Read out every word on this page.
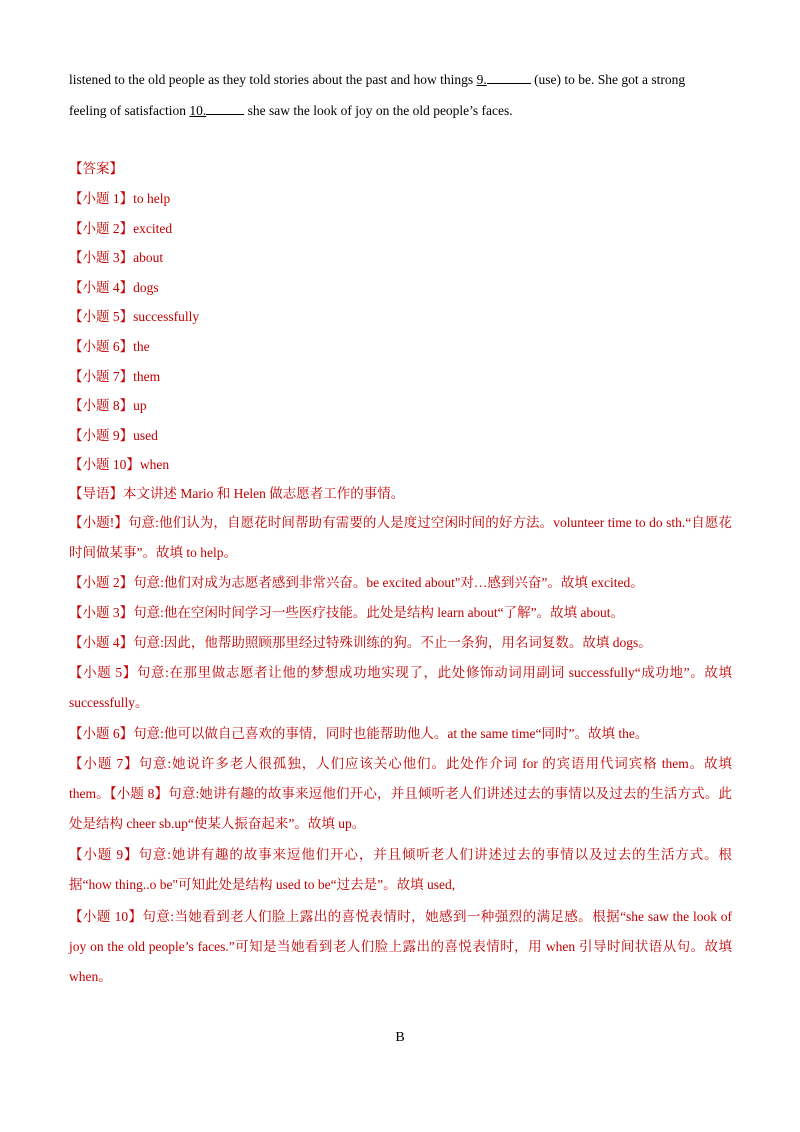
listened to the old people as they told stories about the past and how things 9.	(use) to be. She got a strong

feeling of satisfaction 10.	she saw the look of joy on the old people’s faces.

【答案】
【小题 1】to help
【小题 2】excited
【小题 3】about
【小题 4】dogs
【小题 5】successfully
【小题 6】the
【小题 7】them
【小题 8】up
【小题 9】used
【小题 10】when
【导语】本文讲述 Mario 和 Helen 做志愿者工作的事情。
【小题!】句意:他们认为，自愿花时间帮助有需要的人是度过空闲时间的好方法。volunteer time to do sth.“自愿花时间做某事”。故填 to help。
【小题 2】句意:他们对成为志愿者感到非常兴奋。be excited about"对…感到兴奋”。故填 excited。
【小题 3】句意:他在空闲时间学习一些医疗技能。此处是结构 learn about“了解”。故填 about。
【小题 4】句意:因此，他帮助照顾那里经过特殊训练的狗。不止一条狗，用名词复数。故填 dogs。
【小题 5】句意:在那里做志愿者让他的梦想成功地实现了，此处修饰动词用副词 successfully“成功地”。故填 successfully。
【小题 6】句意:他可以做自己喜欢的事情，同时也能帮助他人。at the same time“同时”。故填 the。
【小题 7】句意:她说许多老人很孤独，人们应该关心他们。此处作介词 for 的宾语用代词宾格 them。故填 them。【小题 8】句意:她讲有趣的故事来逗他们开心，并且倾听老人们讲述过去的事情以及过去的生活方式。此处是结构 cheer sb.up“使某人振奋起来”。故填 up。
【小题 9】句意:她讲有趣的故事来逗他们开心，并且倾听老人们讲述过去的事情以及过去的生活方式。根据“how thing..o be"可知此处是结构 used to be“过去是”。故填 used,
【小题 10】句意:当她看到老人们脸上露出的喜悦表情时，她感到一种强烈的满足感。根据“she saw the look of joy on the old people’s faces.”可知是当她看到老人们脸上露出的喜悦表情时，用 when 引导时间状语从句。故填 when。
B
